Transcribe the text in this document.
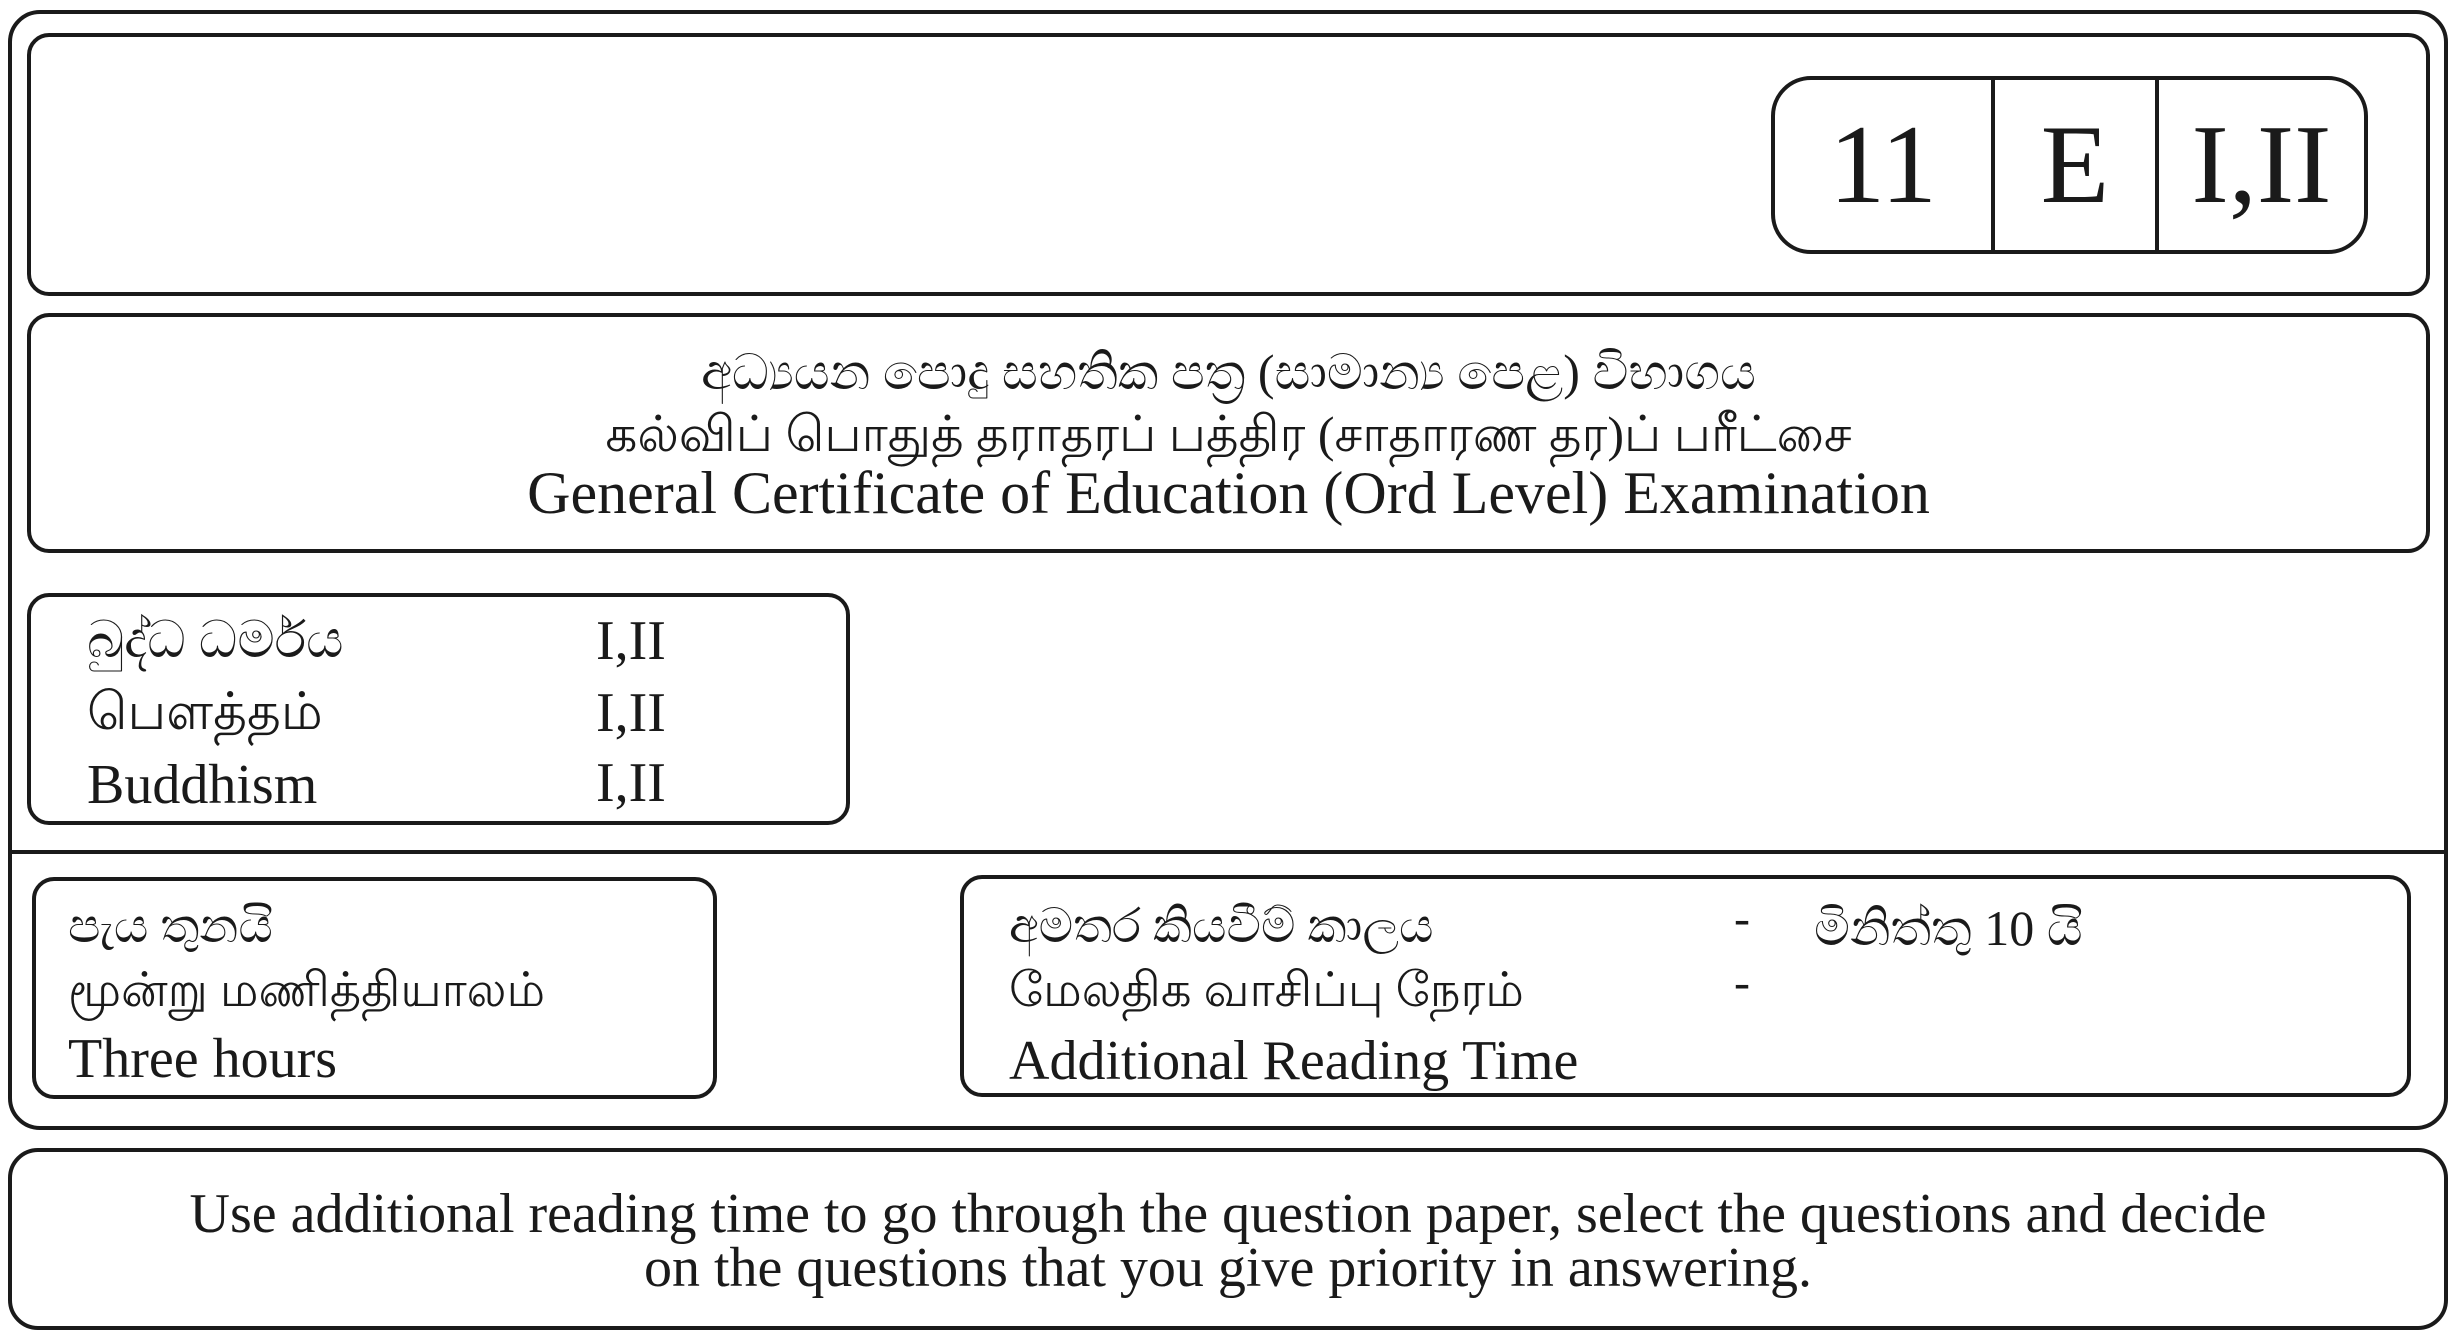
11 E I,II
අධ්‍යයන පොදු සහතික පත්‍ර (සාමාන්‍ය පෙළ) විභාගය
கல்விப் பொதுத் தராதரப் பத்திர (சாதாரண தர)ப் பரீட்சை
General Certificate of Education (Ord Level) Examination
බුද්ධ ධර්මය	I,II
பௌத்தம்	I,II
Buddhism	I,II
පැය තුනයි
மூன்று மணித்தியாலம்
Three hours
අමතර කියවීම් කාලය	- මිනිත්තු 10 යි
மேலதிக வாசிப்பு நேரம்	-
Additional Reading Time
Use additional reading time to go through the question paper, select the questions and decide
on the questions that you give priority in answering.
